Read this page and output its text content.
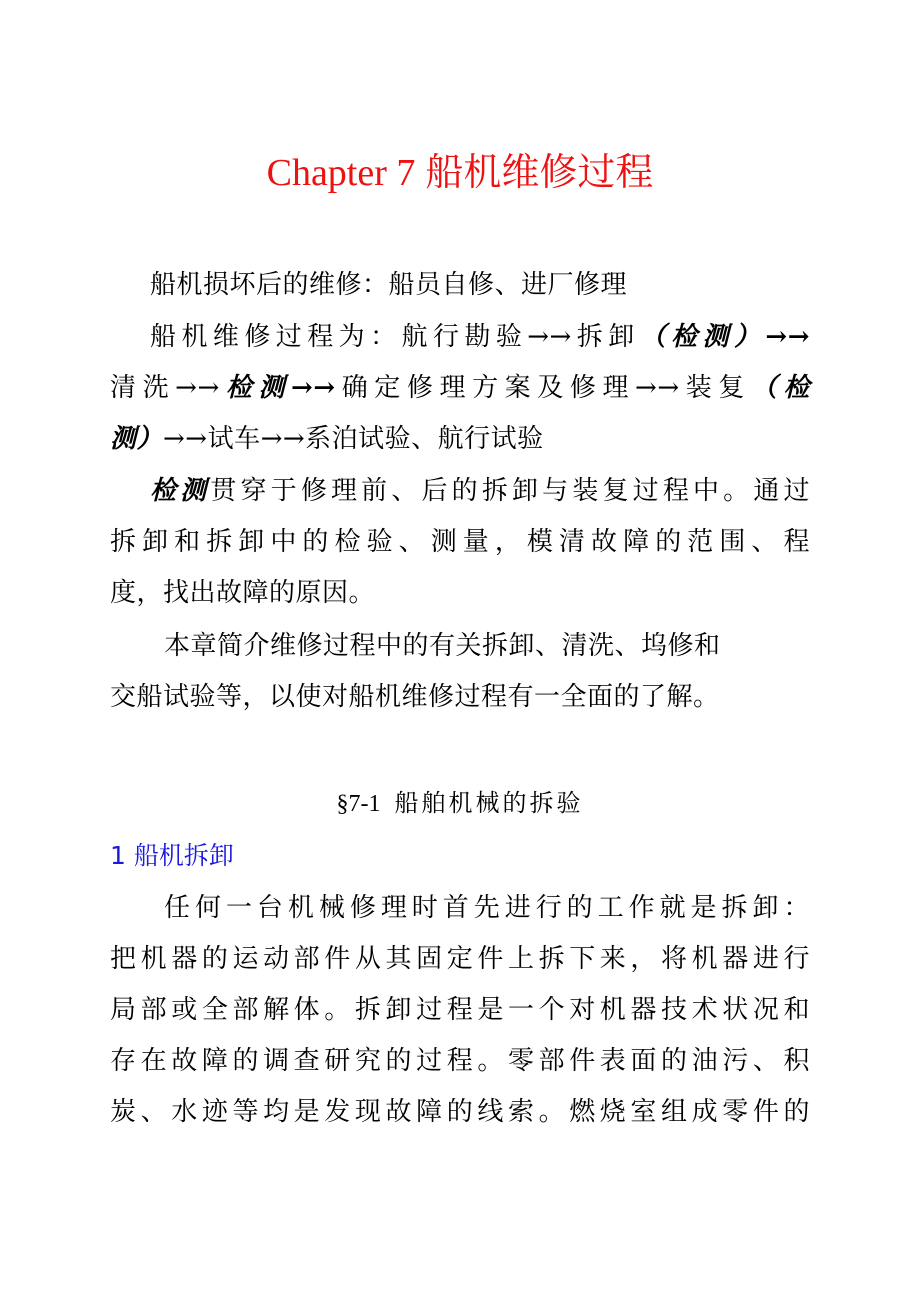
Chapter 7 船机维修过程
船机损坏后的维修：船员自修、进厂修理
船机维修过程为：航行勘验→→拆卸（检测）→→
清洗→→检测→→确定修理方案及修理→→装复（检
测）→→试车→→系泊试验、航行试验
检测贯穿于修理前、后的拆卸与装复过程中。通过
拆卸和拆卸中的检验、测量，模清故障的范围、程
度，找出故障的原因。
本章简介维修过程中的有关拆卸、清洗、坞修和
交船试验等，以使对船机维修过程有一全面的了解。
§7-1 船舶机械的拆验
1 船机拆卸
任何一台机械修理时首先进行的工作就是拆卸：
把机器的运动部件从其固定件上拆下来，将机器进行
局部或全部解体。拆卸过程是一个对机器技术状况和
存在故障的调查研究的过程。零部件表面的油污、积
炭、水迹等均是发现故障的线索。燃烧室组成零件的
